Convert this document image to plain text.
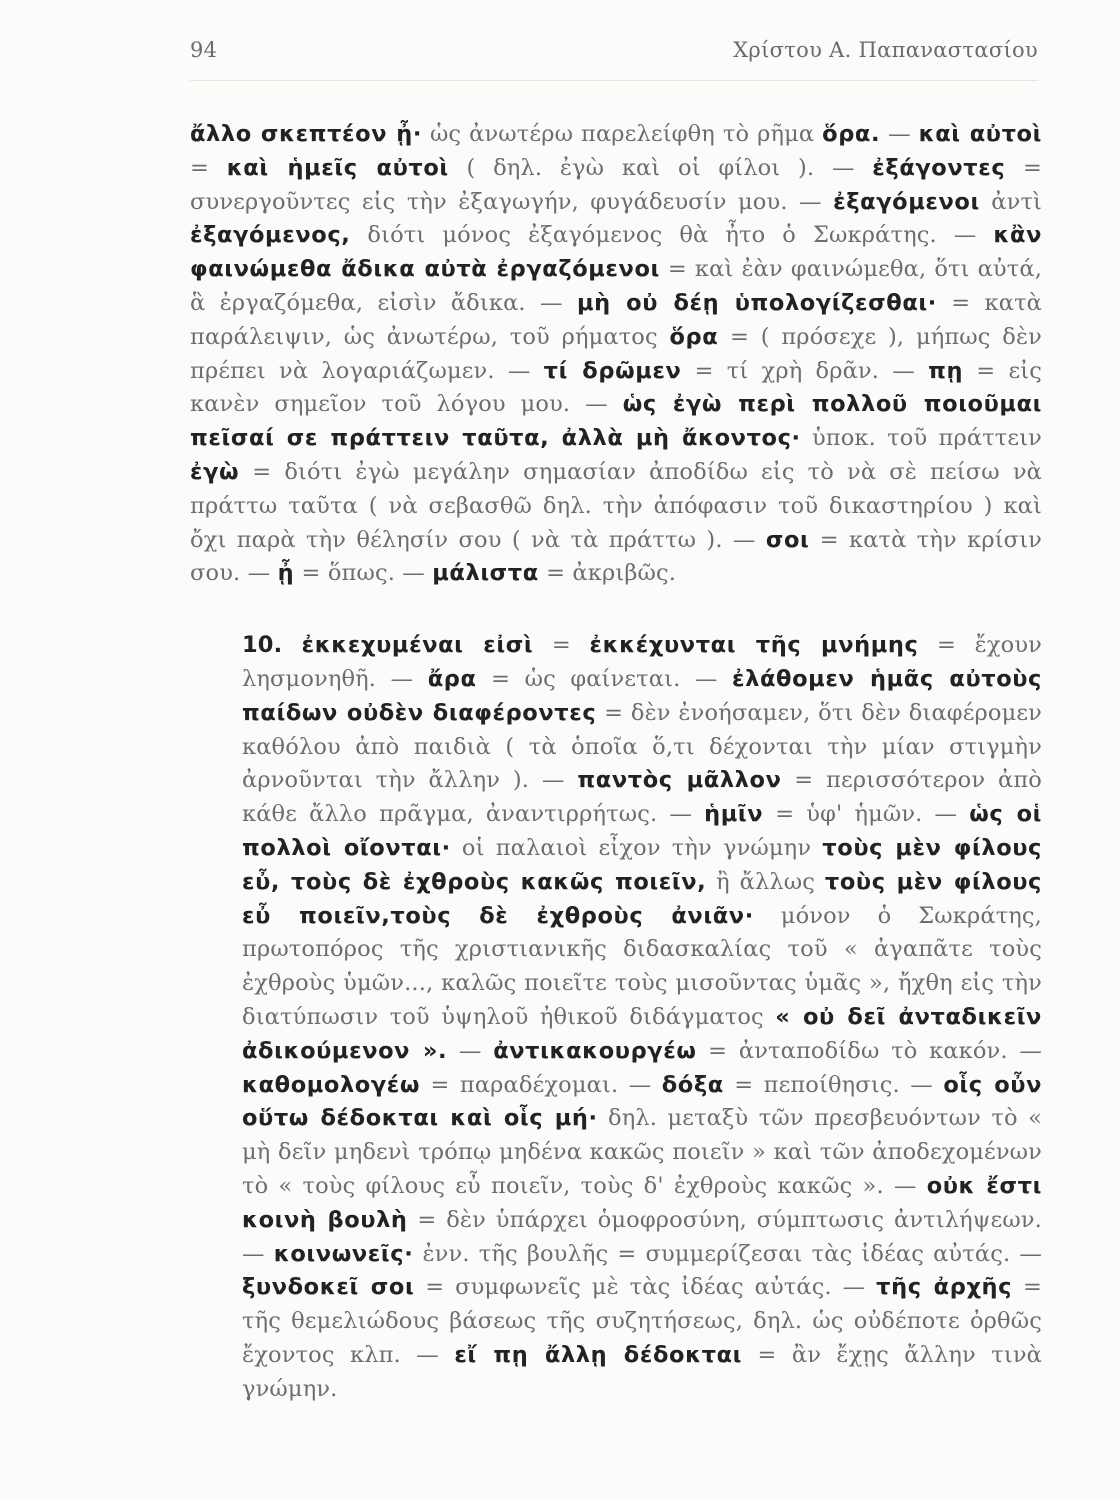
94	Χρίστου Α. Παπαναστασίου

ἄλλο σκεπτέον ᾖ· ὡς ἀνωτέρω παρελείφθη τὸ ρῆμα ὅρα. — καὶ αὐτοὶ = καὶ ἡμεῖς αὐτοὶ ( δηλ. ἐγὼ καὶ οἱ φίλοι ). — ἐξάγοντες = συνεργοῦντες εἰς τὴν ἐξαγωγήν, φυγάδευσίν μου. — ἐξαγόμενοι ἀντὶ ἐξαγόμενος, διότι μόνος ἐξαγόμενος θὰ ἦτο ὁ Σωκράτης. — κἂν φαινώμεθα ἄδικα αὐτὰ ἐργαζόμενοι = καὶ ἐὰν φαινώμεθα, ὅτι αὐτά, ἃ ἐργαζόμεθα, εἰσὶν ἄδικα. — μὴ οὐ δέῃ ὑπολογίζεσθαι· = κατὰ παράλειψιν, ὡς ἀνωτέρω, τοῦ ρήματος ὅρα = ( πρόσεχε ), μήπως δὲν πρέπει νὰ λογαριάζωμεν. — τί δρῶμεν = τί χρὴ δρᾶν. — πῃ = εἰς κανὲν σημεῖον τοῦ λόγου μου. — ὡς ἐγὼ περὶ πολλοῦ ποιοῦμαι πεῖσαί σε πράττειν ταῦτα, ἀλλὰ μὴ ἄκοντος· ὑποκ. τοῦ πράττειν ἐγὼ = διότι ἐγὼ μεγάλην σημασίαν ἀποδίδω εἰς τὸ νὰ σὲ πείσω νὰ πράττω ταῦτα ( νὰ σεβασθῶ δηλ. τὴν ἀπόφασιν τοῦ δικαστηρίου ) καὶ ὄχι παρὰ τὴν θέλησίν σου ( νὰ τὰ πράττω ). — σοι = κατὰ τὴν κρίσιν σου. — ᾖ = ὅπως. — μάλιστα = ἀκριβῶς.

10. ἐκκεχυμέναι εἰσὶ = ἐκκέχυνται τῆς μνήμης = ἔχουν λησμονηθῆ. — ἄρα = ὡς φαίνεται. — ἐλάθομεν ἡμᾶς αὐτοὺς παίδων οὐδὲν διαφέροντες = δὲν ἐνοήσαμεν, ὅτι δὲν διαφέρομεν καθόλου ἀπὸ παιδιὰ ( τὰ ὁποῖα ὅ,τι δέχονται τὴν μίαν στιγμὴν ἀρνοῦνται τὴν ἄλλην ). — παντὸς μᾶλλον = περισσότερον ἀπὸ κάθε ἄλλο πρᾶγμα, ἀναντιρρήτως. — ἡμῖν = ὑφ' ἡμῶν. — ὡς οἱ πολλοὶ οἴονται· οἱ παλαιοὶ εἶχον τὴν γνώμην τοὺς μὲν φίλους εὖ, τοὺς δὲ ἐχθροὺς κακῶς ποιεῖν, ἢ ἄλλως τοὺς μὲν φίλους εὖ ποιεῖν,τοὺς δὲ ἐχθροὺς ἀνιᾶν· μόνον ὁ Σωκράτης, πρωτοπόρος τῆς χριστιανικῆς διδασκαλίας τοῦ « ἀγαπᾶτε τοὺς ἐχθροὺς ὑμῶν..., καλῶς ποιεῖτε τοὺς μισοῦντας ὑμᾶς », ἤχθη εἰς τὴν διατύπωσιν τοῦ ὑψηλοῦ ἠθικοῦ διδάγματος « οὐ δεῖ ἀνταδικεῖν ἀδικούμενον ». — ἀντικακουργέω = ἀνταποδίδω τὸ κακόν. — καθομολογέω = παραδέχομαι. — δόξα = πεποίθησις. — οἷς οὖν οὕτω δέδοκται καὶ οἷς μή· δηλ. μεταξὺ τῶν πρεσβευόντων τὸ « μὴ δεῖν μηδενὶ τρόπῳ μηδένα κακῶς ποιεῖν » καὶ τῶν ἀποδεχομένων τὸ « τοὺς φίλους εὖ ποιεῖν, τοὺς δ' ἐχθροὺς κακῶς ». — οὐκ ἔστι κοινὴ βουλὴ = δὲν ὑπάρχει ὁμοφροσύνη, σύμπτωσις ἀντιλήψεων. — κοινωνεῖς· ἐνν. τῆς βουλῆς = συμμερίζεσαι τὰς ἰδέας αὐτάς. — ξυνδοκεῖ σοι = συμφωνεῖς μὲ τὰς ἰδέας αὐτάς. — τῆς ἀρχῆς = τῆς θεμελιώδους βάσεως τῆς συζητήσεως, δηλ. ὡς οὐδέποτε ὀρθῶς ἔχοντος κλπ. — εἴ πῃ ἄλλῃ δέδοκται = ἂν ἔχῃς ἄλλην τινὰ γνώμην.
